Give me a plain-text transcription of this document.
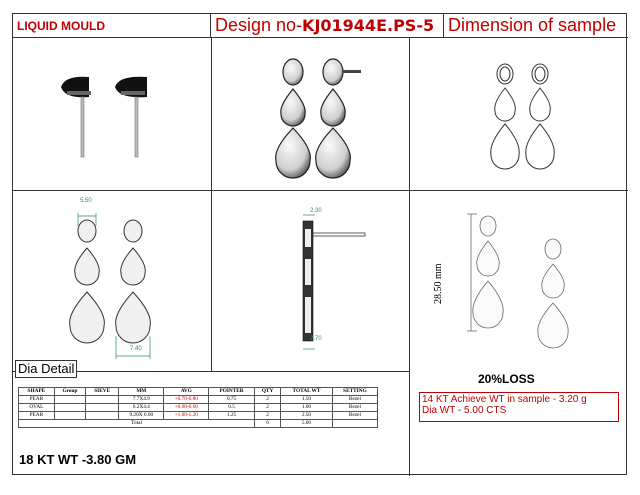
LIQUID MOULD	Design no-KJ01944E.PS-5 Dimension of sample
5.50
7.40
2.30
2.70
28.50 mm
Dia Detail
18 KT WT -3.80 GM
20%LOSS
14 KT Achieve WT in sample - 3.20 g
Dia WT - 5.00 CTS
SHAPE	Group	SIEVE	MM	AVG	POINTER	QTY	TOTAL WT	SETTING
PEAR			7.7X4.9	+0.70-0.80	0.75	2	1.50	Bezel
OVAL			6.2X4.4	+0.60-0.60	0.5	2	1.00	Bezel
PEAR			9.20X 6.00	+1.00-1.20	1.25	2	2.50	Bezel
Total						6	5.00	
